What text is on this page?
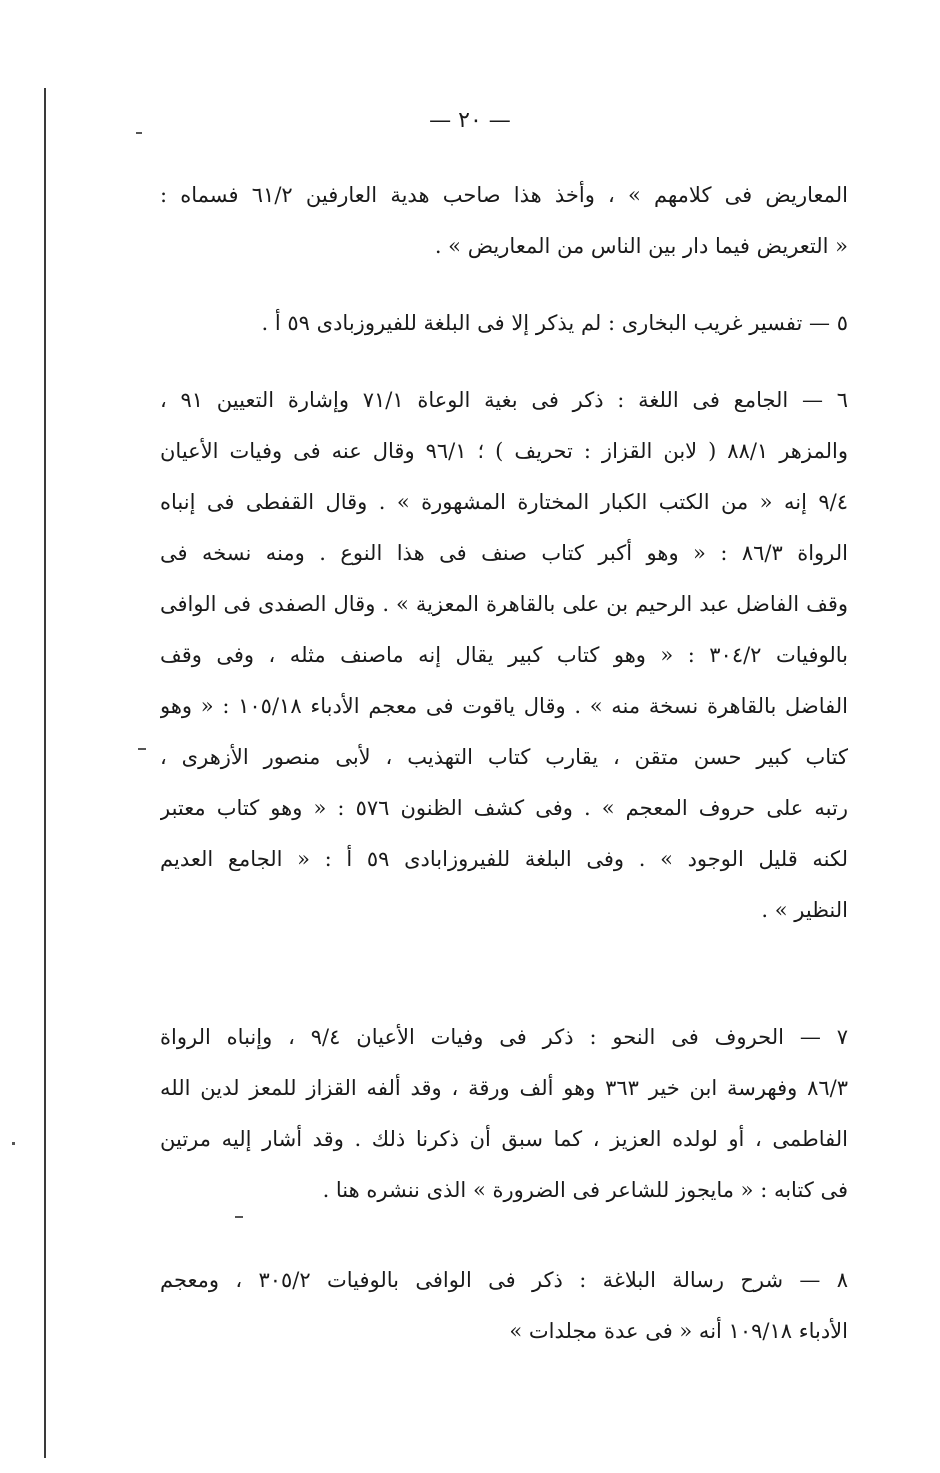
— ٢٠ —
المعاريض فى كلامهم » ، وأخذ هذا صاحب هدية العارفين ٦١/٢ فسماه :
« التعريض فيما دار بين الناس من المعاريض » .
٥ — تفسير غريب البخارى : لم يذكر إلا فى البلغة للفيروزبادى ٥٩ أ .
٦ — الجامع فى اللغة : ذكر فى بغية الوعاة ٧١/١ وإشارة التعيين ٩١ ،
والمزهر ٨٨/١ ( لابن القزاز : تحريف ) ؛ ٩٦/١ وقال عنه فى وفيات الأعيان
٩/٤ إنه « من الكتب الكبار المختارة المشهورة » . وقال القفطى فى إنباه
الرواة ٨٦/٣ : « وهو أكبر كتاب صنف فى هذا النوع . ومنه نسخه فى
وقف الفاضل عبد الرحيم بن على بالقاهرة المعزية » . وقال الصفدى فى الوافى
بالوفيات ٣٠٤/٢ : « وهو كتاب كبير يقال إنه ماصنف مثله ، وفى وقف
الفاضل بالقاهرة نسخة منه » . وقال ياقوت فى معجم الأدباء ١٠٥/١٨ : « وهو
كتاب كبير حسن متقن ، يقارب كتاب التهذيب ، لأبى منصور الأزهرى ،
رتبه على حروف المعجم » . وفى كشف الظنون ٥٧٦ : « وهو كتاب معتبر
لكنه قليل الوجود » . وفى البلغة للفيروزابادى ٥٩ أ : « الجامع العديم
النظير » .
٧ — الحروف فى النحو : ذكر فى وفيات الأعيان ٩/٤ ، وإنباه الرواة
٨٦/٣ وفهرسة ابن خير ٣٦٣ وهو ألف ورقة ، وقد ألفه القزاز للمعز لدين الله
الفاطمى ، أو لولده العزيز ، كما سبق أن ذكرنا ذلك . وقد أشار إليه مرتين
فى كتابه : « مايجوز للشاعر فى الضرورة » الذى ننشره هنا .
٨ — شرح رسالة البلاغة : ذكر فى الوافى بالوفيات ٣٠٥/٢ ، ومعجم
الأدباء ١٠٩/١٨ أنه « فى عدة مجلدات »
